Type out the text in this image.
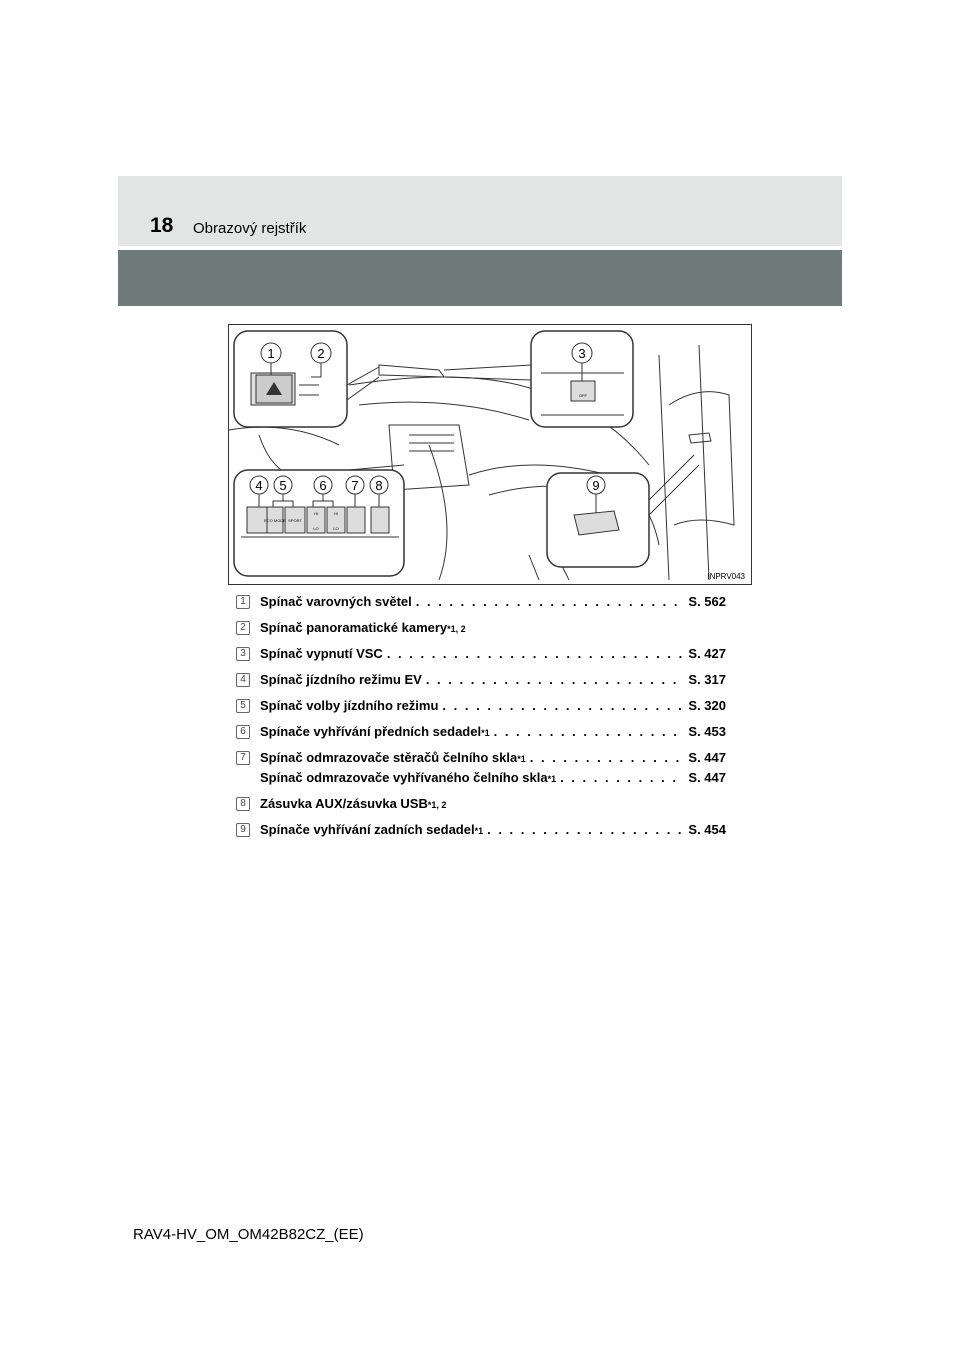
18 Obrazový rejstřík
1	2	3
4 5	6 7 8	9
OFF
ECO MODE SPORT
HI
LO
HI
LO
INPRV043
1	Spínač varovných světel . . .	S. 562
2	Spínač panoramatické kamery *1, 2
3	Spínač vypnutí VSC . . .	S. 427
4	Spínač jízdního režimu EV . . .	S. 317
5	Spínač volby jízdního režimu . . .	S. 320
6	Spínače vyhřívání předních sedadel *1 . . .	S. 453
7	Spínač odmrazovače stěračů čelního skla *1 . . .	S. 447
Spínač odmrazovače vyhřívaného čelního skla *1 . . .	S. 447
8	Zásuvka AUX/zásuvka USB *1, 2
9	Spínače vyhřívání zadních sedadel *1 . . .	S. 454
RAV4-HV_OM_OM42B82CZ_(EE)
